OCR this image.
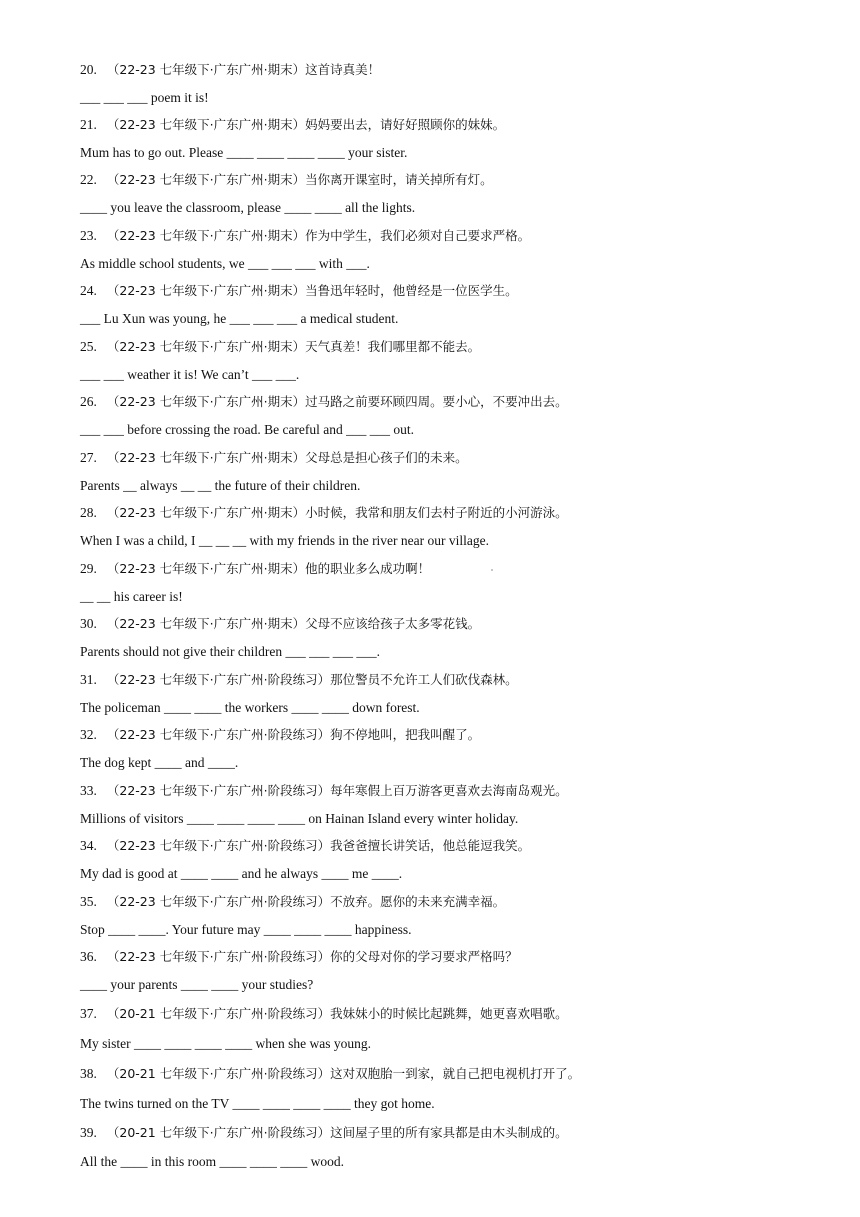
20. （22-23 七年级下·广东广州·期末）这首诗真美！
___ ___ ___ poem it is!
21. （22-23 七年级下·广东广州·期末）妈妈要出去，请好好照顾你的妹妹。
Mum has to go out. Please ____ ____ ____ ____ your sister.
22. （22-23 七年级下·广东广州·期末）当你离开课室时，请关掉所有灯。
____ you leave the classroom, please ____ ____ all the lights.
23. （22-23 七年级下·广东广州·期末）作为中学生，我们必须对自己要求严格。
As middle school students, we ___ ___ ___ with ___.
24. （22-23 七年级下·广东广州·期末）当鲁迅年轻时，他曾经是一位医学生。
___ Lu Xun was young, he ___ ___ ___ a medical student.
25. （22-23 七年级下·广东广州·期末）天气真差！我们哪里都不能去。
___ ___ weather it is! We can’t ___ ___.
26. （22-23 七年级下·广东广州·期末）过马路之前要环顾四周。要小心，不要冲出去。
___ ___ before crossing the road. Be careful and ___ ___ out.
27. （22-23 七年级下·广东广州·期末）父母总是担心孩子们的未来。
Parents __ always __ __ the future of their children.
28. （22-23 七年级下·广东广州·期末）小时候，我常和朋友们去村子附近的小河游泳。
When I was a child, I __ __ __ with my friends in the river near our village.
29. （22-23 七年级下·广东广州·期末）他的职业多么成功啊！
__ __ his career is!
30. （22-23 七年级下·广东广州·期末）父母不应该给孩子太多零花钱。
Parents should not give their children ___ ___ ___ ___.
31. （22-23 七年级下·广东广州·阶段练习）那位警员不允许工人们砍伐森林。
The policeman ____ ____ the workers ____ ____ down forest.
32. （22-23 七年级下·广东广州·阶段练习）狗不停地叫，把我叫醒了。
The dog kept ____ and ____.
33. （22-23 七年级下·广东广州·阶段练习）每年寒假上百万游客更喜欢去海南岛观光。
Millions of visitors ____ ____ ____ ____ on Hainan Island every winter holiday.
34. （22-23 七年级下·广东广州·阶段练习）我爸爸擅长讲笑话，他总能逗我笑。
My dad is good at ____ ____ and he always ____ me ____.
35. （22-23 七年级下·广东广州·阶段练习）不放弃。愿你的未来充满幸福。
Stop ____ ____. Your future may ____ ____ ____ happiness.
36. （22-23 七年级下·广东广州·阶段练习）你的父母对你的学习要求严格吗？
____ your parents ____ ____ your studies?
37. （20-21 七年级下·广东广州·阶段练习）我妹妹小的时候比起跳舞，她更喜欢唱歌。
My sister ____ ____ ____ ____ when she was young.
38. （20-21 七年级下·广东广州·阶段练习）这对双胞胎一到家，就自己把电视机打开了。
The twins turned on the TV ____ ____ ____ ____ they got home.
39. （20-21 七年级下·广东广州·阶段练习）这间屋子里的所有家具都是由木头制成的。
All the ____ in this room ____ ____ ____ wood.
